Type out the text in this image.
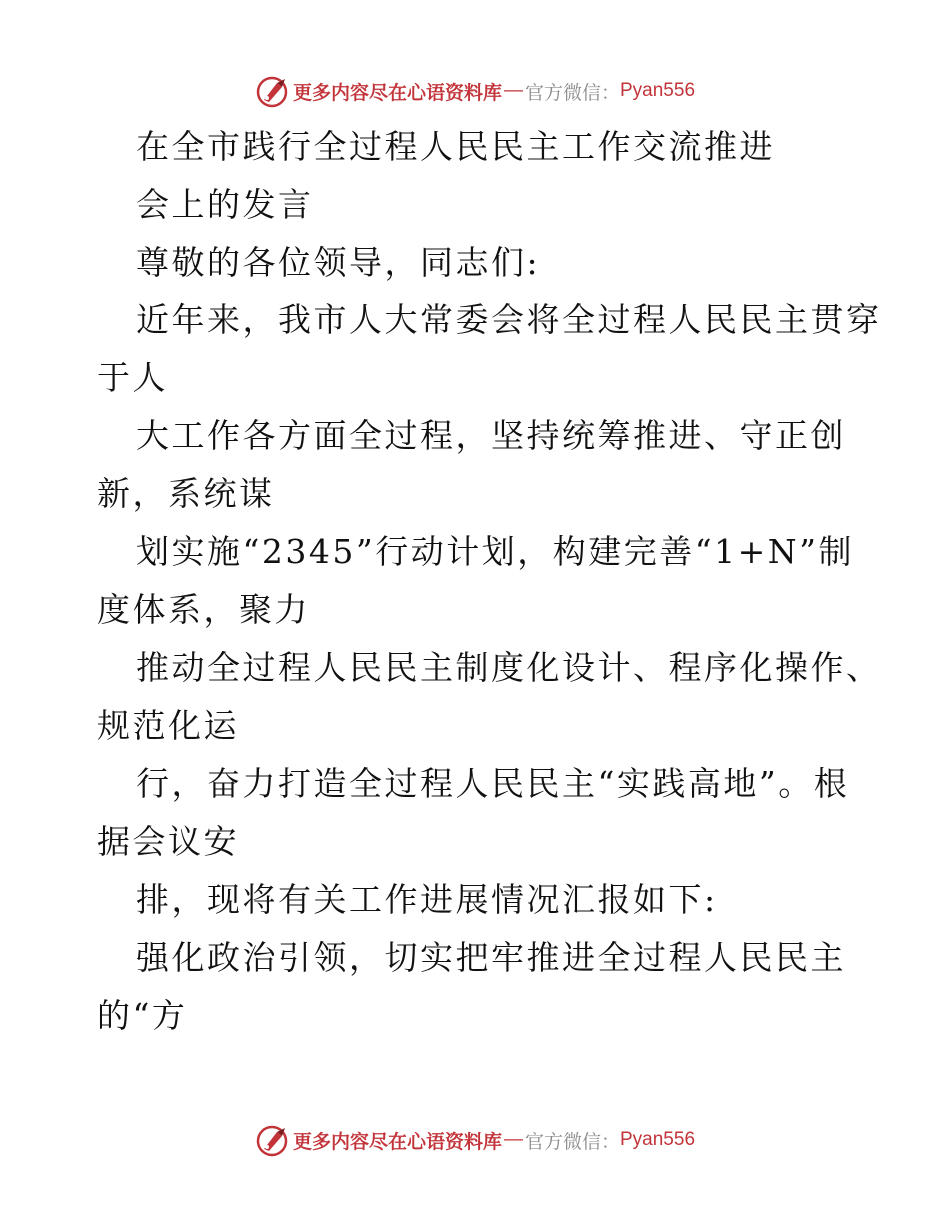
更多内容尽在心语资料库 — 官方微信： Pyan556
在全市践行全过程人民民主工作交流推进
会上的发言
尊敬的各位领导，同志们:
近年来，我市人大常委会将全过程人民民主贯穿
于人
大工作各方面全过程，坚持统筹推进、守正创
新，系统谋
划实施“2345”行动计划，构建完善“1+N”制
度体系，聚力
推动全过程人民民主制度化设计、程序化操作、
规范化运
行，奋力打造全过程人民民主“实践高地”。根
据会议安
排，现将有关工作进展情况汇报如下:
强化政治引领，切实把牢推进全过程人民民主
的“方
更多内容尽在心语资料库 — 官方微信： Pyan556
